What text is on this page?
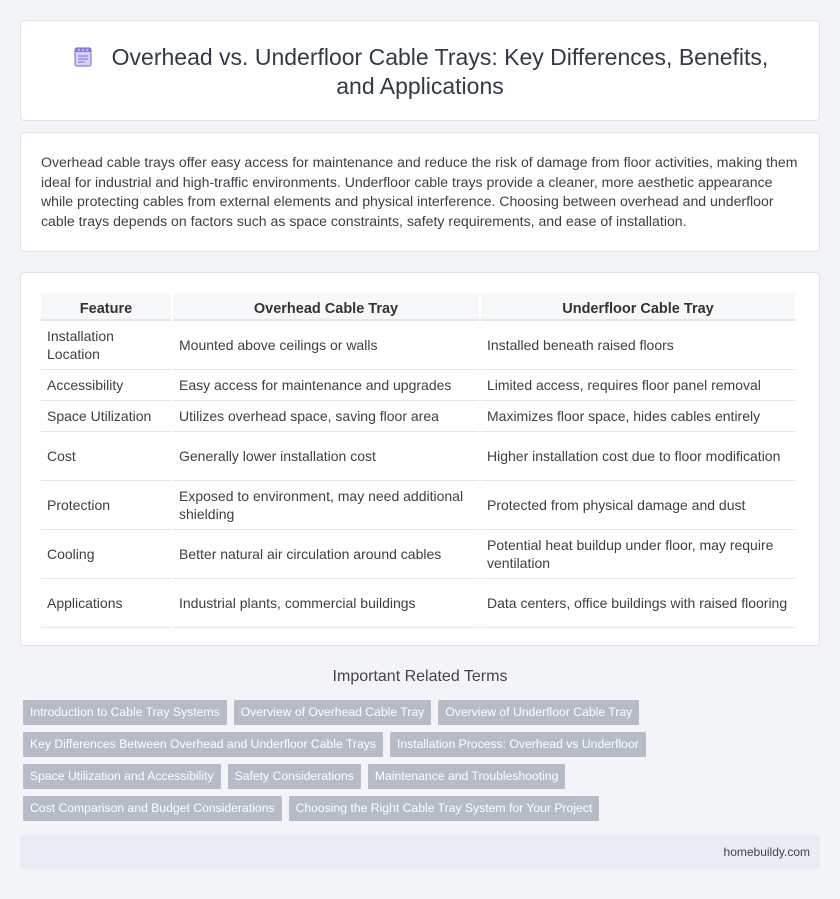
Overhead vs. Underfloor Cable Trays: Key Differences, Benefits, and Applications

Overhead cable trays offer easy access for maintenance and reduce the risk of damage from floor activities, making them ideal for industrial and high-traffic environments. Underfloor cable trays provide a cleaner, more aesthetic appearance while protecting cables from external elements and physical interference. Choosing between overhead and underfloor cable trays depends on factors such as space constraints, safety requirements, and ease of installation.

Feature	Overhead Cable Tray	Underfloor Cable Tray
Installation Location	Mounted above ceilings or walls	Installed beneath raised floors
Accessibility	Easy access for maintenance and upgrades	Limited access, requires floor panel removal
Space Utilization	Utilizes overhead space, saving floor area	Maximizes floor space, hides cables entirely
Cost	Generally lower installation cost	Higher installation cost due to floor modification
Protection	Exposed to environment, may need additional shielding	Protected from physical damage and dust
Cooling	Better natural air circulation around cables	Potential heat buildup under floor, may require ventilation
Applications	Industrial plants, commercial buildings	Data centers, office buildings with raised flooring
Important Related Terms
Introduction to Cable Tray Systems	Overview of Overhead Cable Tray	Overview of Underfloor Cable Tray
Key Differences Between Overhead and Underfloor Cable Trays	Installation Process: Overhead vs Underfloor
Space Utilization and Accessibility	Safety Considerations	Maintenance and Troubleshooting
Cost Comparison and Budget Considerations	Choosing the Right Cable Tray System for Your Project
homebuildy.com
